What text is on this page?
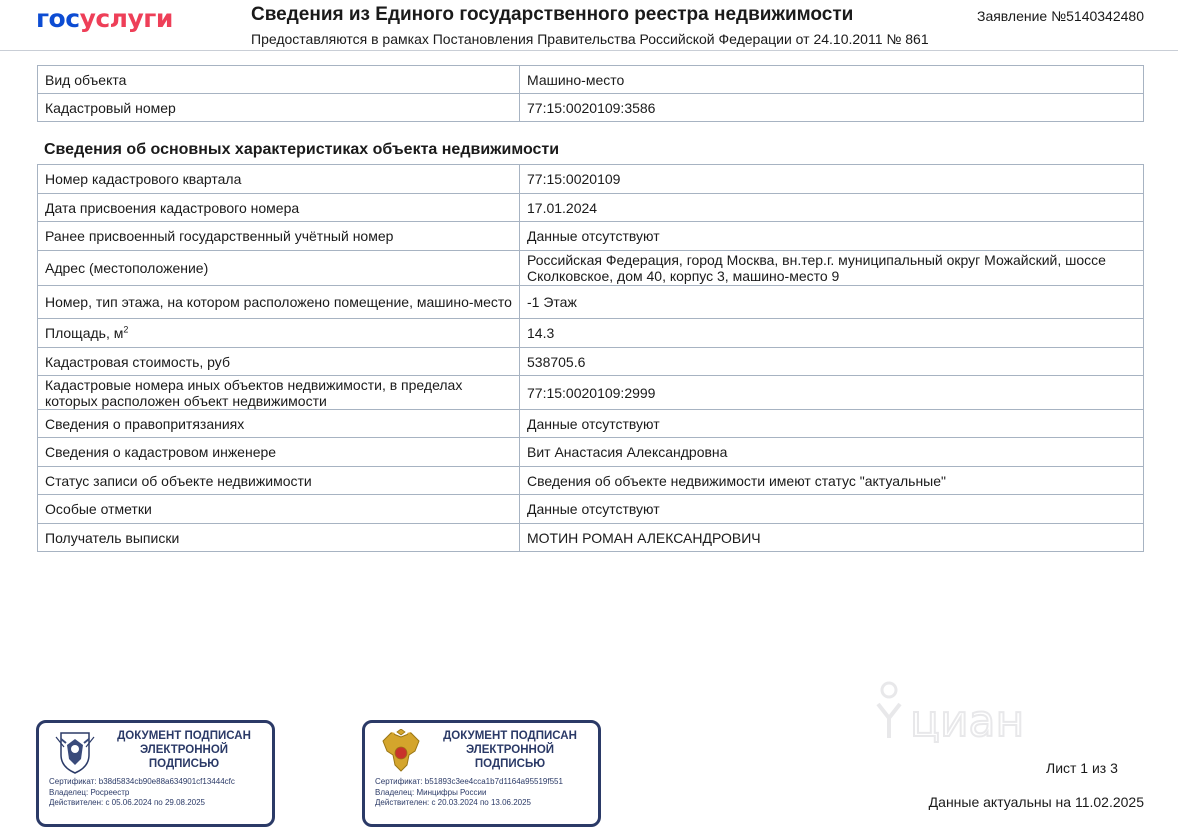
госуслуги	Сведения из Единого государственного реестра недвижимости
Предоставляются в рамках Постановления Правительства Российской Федерации от 24.10.2011 № 861
Заявление №5140342480
Вид объекта	Машино-место
Кадастровый номер	77:15:0020109:3586
Сведения об основных характеристиках объекта недвижимости
Номер кадастрового квартала	77:15:0020109
Дата присвоения кадастрового номера	17.01.2024
Ранее присвоенный государственный учётный номер	Данные отсутствуют
Адрес (местоположение)	Российская Федерация, город Москва, вн.тер.г. муниципальный округ Можайский, шоссе Сколковское, дом 40, корпус 3, машино-место 9
Номер, тип этажа, на котором расположено помещение, машино-место	-1 Этаж
Площадь, $м^2$	14.3
Кадастровая стоимость, руб	538705.6
Кадастровые номера иных объектов недвижимости, в пределах которых расположен объект недвижимости	77:15:0020109:2999
Сведения о правопритязаниях	Данные отсутствуют
Сведения о кадастровом инженере	Вит Анастасия Александровна
Статус записи об объекте недвижимости	Сведения об объекте недвижимости имеют статус "актуальные"
Особые отметки	Данные отсутствуют
Получатель выписки	МОТИН РОМАН АЛЕКСАНДРОВИЧ
ДОКУМЕНТ ПОДПИСАН
ЭЛЕКТРОННОЙ
ПОДПИСЬЮ
Сертификат: b38d5834cb90e88a634901cf13444cfc
Владелец: Росреестр
Действителен: с 05.06.2024 по 29.08.2025
ДОКУМЕНТ ПОДПИСАН
ЭЛЕКТРОННОЙ
ПОДПИСЬЮ
Сертификат: b51893c3ee4cca1b7d1164a95519f551
Владелец: Минцифры России
Действителен: с 20.03.2024 по 13.06.2025
циан
Лист 1 из 3
Данные актуальны на 11.02.2025
